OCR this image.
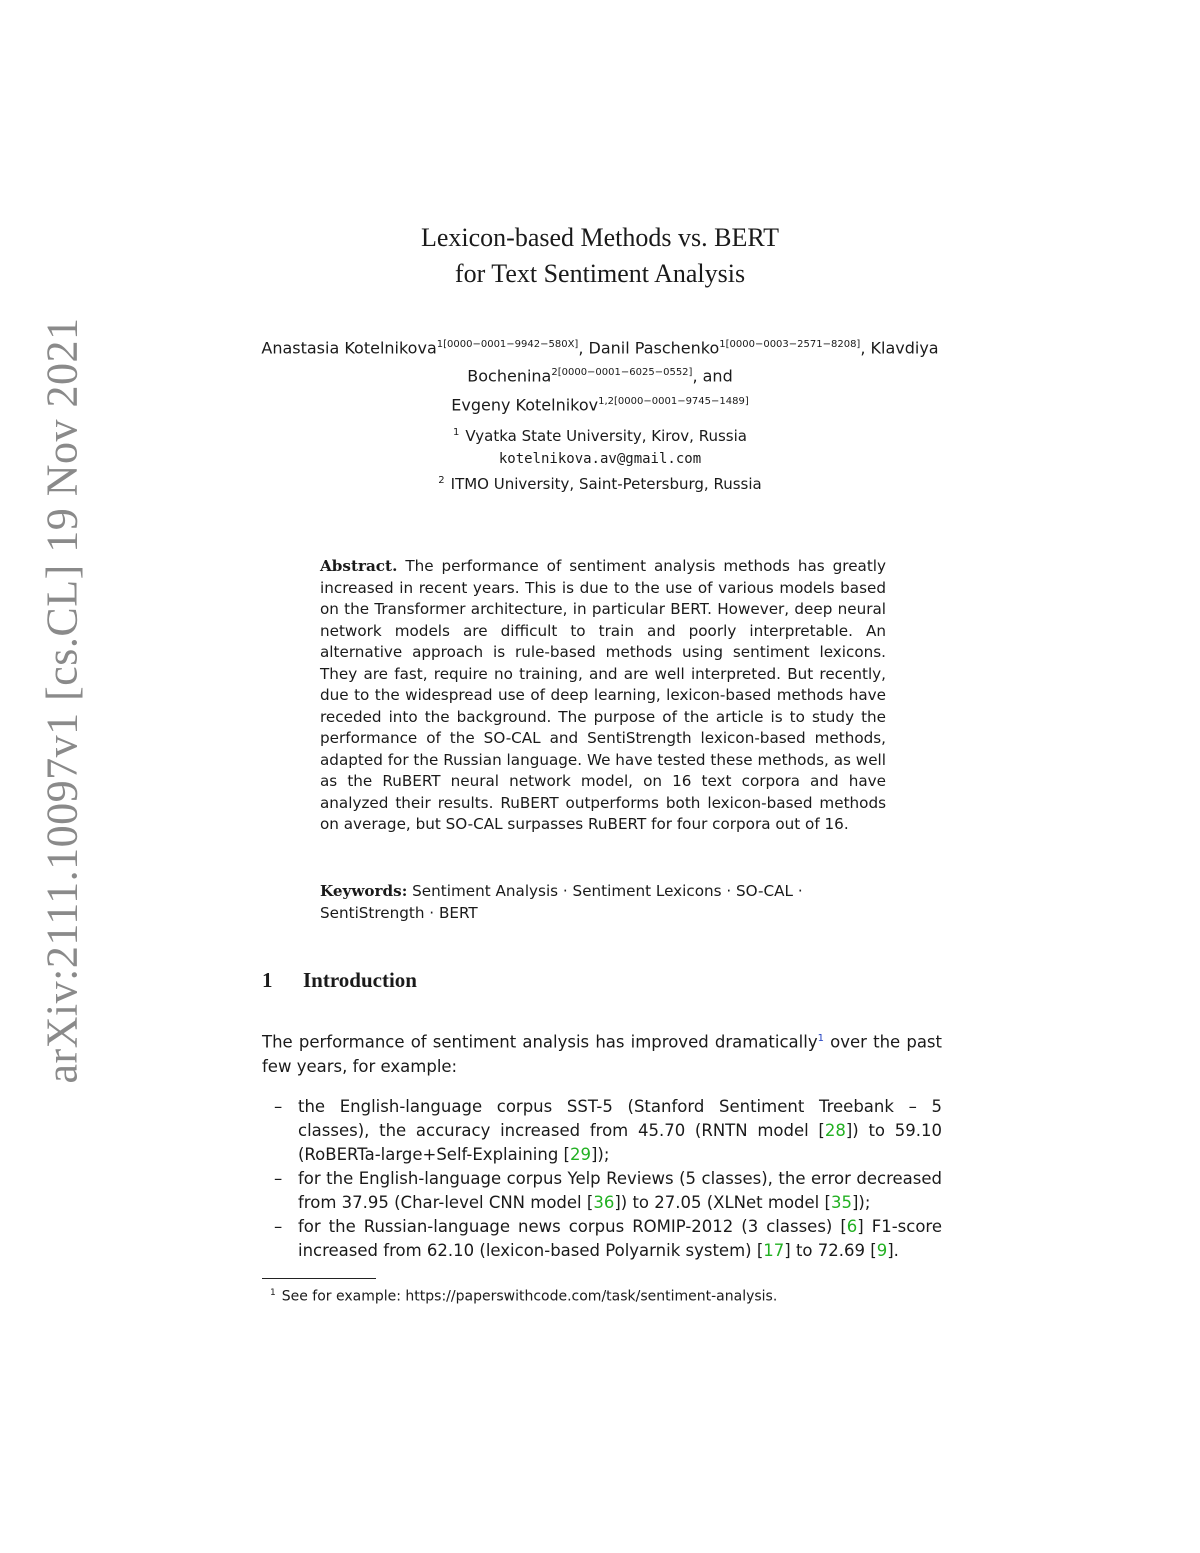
arXiv:2111.10097v1 [cs.CL] 19 Nov 2021
Lexicon-based Methods vs. BERT
for Text Sentiment Analysis
Anastasia Kotelnikova$^{1[0000-0001-9942-580X]}$, Danil Paschenko$^{1[0000-0003-2571-8208]}$, Klavdiya Bochenina$^{2[0000-0001-6025-0552]}$, and
Evgeny Kotelnikov$^{1,2[0000-0001-9745-1489]}$
$^1$ Vyatka State University, Kirov, Russia
kotelnikova.av@gmail.com
$^2$ ITMO University, Saint-Petersburg, Russia
Abstract. The performance of sentiment analysis methods has greatly increased in recent years. This is due to the use of various models based on the Transformer architecture, in particular BERT. However, deep neural network models are difficult to train and poorly interpretable. An alternative approach is rule-based methods using sentiment lexicons. They are fast, require no training, and are well interpreted. But recently, due to the widespread use of deep learning, lexicon-based methods have receded into the background. The purpose of the article is to study the performance of the SO-CAL and SentiStrength lexicon-based methods, adapted for the Russian language. We have tested these methods, as well as the RuBERT neural network model, on 16 text corpora and have analyzed their results. RuBERT outperforms both lexicon-based methods on average, but SO-CAL surpasses RuBERT for four corpora out of 16.
Keywords: Sentiment Analysis · Sentiment Lexicons · SO-CAL · SentiStrength · BERT
1 Introduction
The performance of sentiment analysis has improved dramatically$^1$ over the past few years, for example:
– the English-language corpus SST-5 (Stanford Sentiment Treebank – 5 classes), the accuracy increased from 45.70 (RNTN model [28]) to 59.10 (RoBERTa-large+Self-Explaining [29]);
– for the English-language corpus Yelp Reviews (5 classes), the error decreased from 37.95 (Char-level CNN model [36]) to 27.05 (XLNet model [35]);
– for the Russian-language news corpus ROMIP-2012 (3 classes) [6] F1-score increased from 62.10 (lexicon-based Polyarnik system) [17] to 72.69 [9].
$^1$ See for example: https://paperswithcode.com/task/sentiment-analysis.
